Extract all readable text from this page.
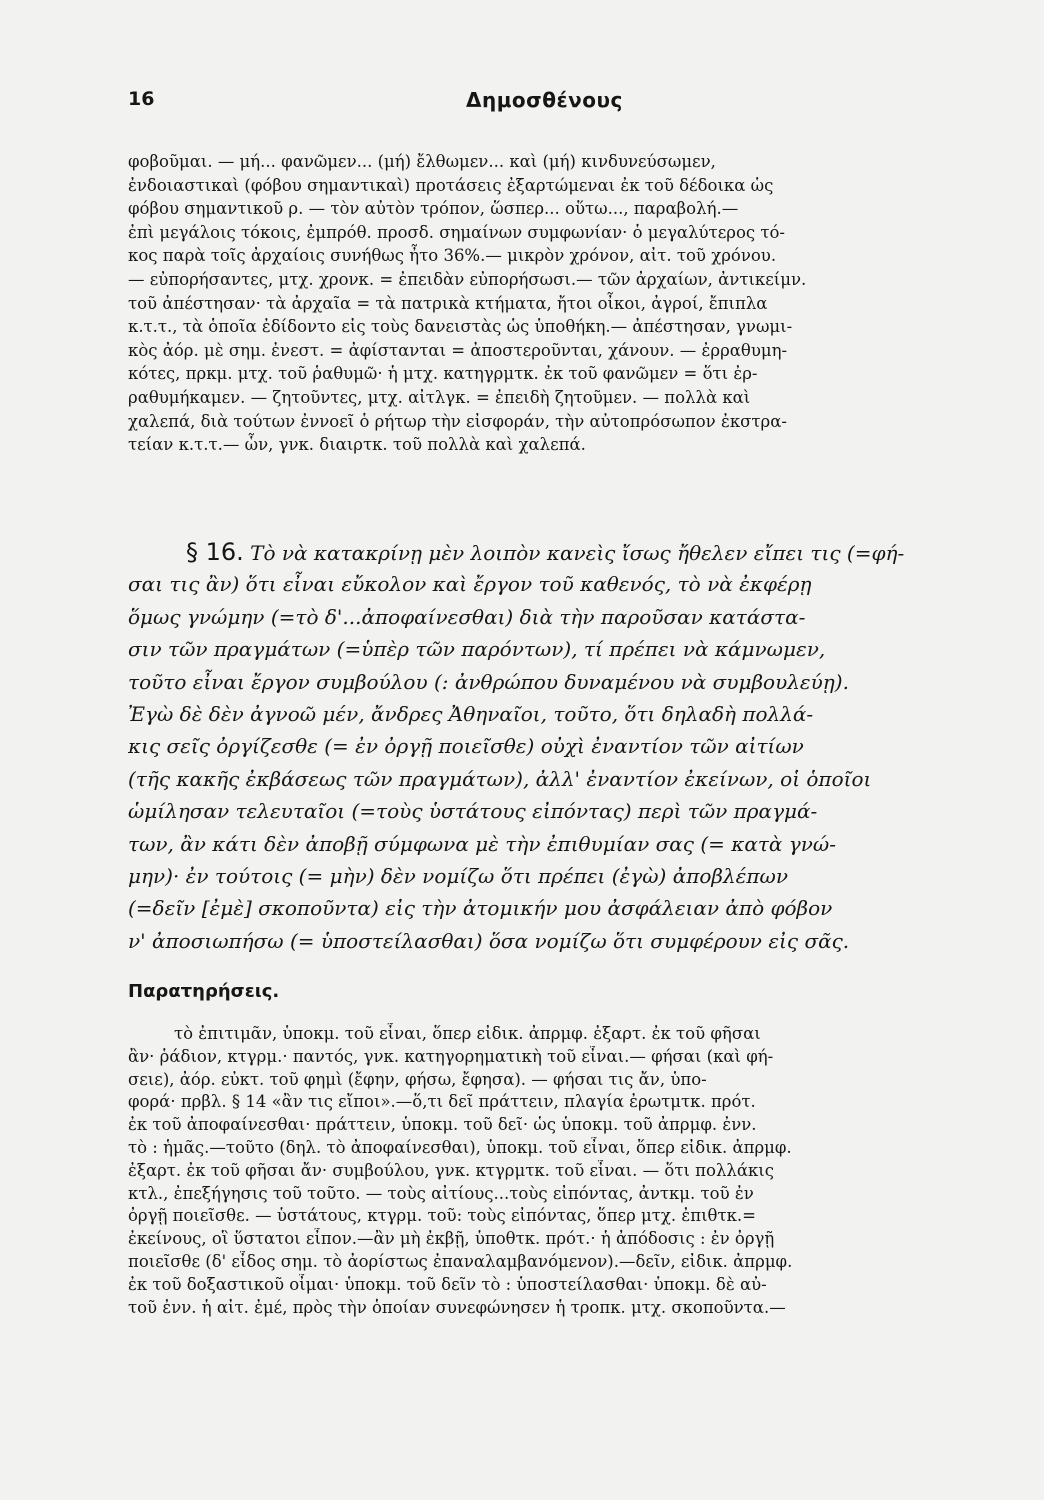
16	Δημοσθένους
φοβοῦμαι. — μή... φανῶμεν... (μή) ἔλθωμεν... καὶ (μή) κινδυνεύσωμεν,
ἐνδοιαστικαὶ (φόβου σημαντικαὶ) προτάσεις ἐξαρτώμεναι ἐκ τοῦ δέδοικα ὡς
φόβου σημαντικοῦ ρ. — τὸν αὐτὸν τρόπον, ὥσπερ... οὕτω..., παραβολή.—
ἐπὶ μεγάλοις τόκοις, ἐμπρόθ. προσδ. σημαίνων συμφωνίαν· ὁ μεγαλύτερος τό-
κος παρὰ τοῖς ἀρχαίοις συνήθως ἦτο 36%.— μικρὸν χρόνον, αἰτ. τοῦ χρόνου.
— εὐπορήσαντες, μτχ. χρονκ. = ἐπειδὰν εὐπορήσωσι.— τῶν ἀρχαίων, ἀντικείμν.
τοῦ ἀπέστησαν· τὰ ἀρχαῖα = τὰ πατρικὰ κτήματα, ἤτοι οἶκοι, ἀγροί, ἔπιπλα
κ.τ.τ., τὰ ὁποῖα ἐδίδοντο εἰς τοὺς δανειστὰς ὡς ὑποθήκη.— ἀπέστησαν, γνωμι-
κὸς ἀόρ. μὲ σημ. ἐνεστ. = ἀφίστανται = ἀποστεροῦνται, χάνουν. — ἐρραθυμη-
κότες, πρκμ. μτχ. τοῦ ῥαθυμῶ· ἡ μτχ. κατηγρμτκ. ἐκ τοῦ φανῶμεν = ὅτι ἐρ-
ραθυμήκαμεν. — ζητοῦντες, μτχ. αἰτλγκ. = ἐπειδὴ ζητοῦμεν. — πολλὰ καὶ
χαλεπά, διὰ τούτων ἐννοεῖ ὁ ρήτωρ τὴν εἰσφοράν, τὴν αὐτοπρόσωπον ἐκστρα-
τείαν κ.τ.τ.— ὧν, γνκ. διαιρτκ. τοῦ πολλὰ καὶ χαλεπά.
§ 16. Τὸ νὰ κατακρίνῃ μὲν λοιπὸν κανεὶς ἴσως ἤθελεν εἴπει τις (=φή-
σαι τις ἂν) ὅτι εἶναι εὔκολον καὶ ἔργον τοῦ καθενός, τὸ νὰ ἐκφέρῃ
ὅμως γνώμην (=τὸ δ'...ἀποφαίνεσθαι) διὰ τὴν παροῦσαν κατάστα-
σιν τῶν πραγμάτων (=ὑπὲρ τῶν παρόντων), τί πρέπει νὰ κάμνωμεν,
τοῦτο εἶναι ἔργον συμβούλου (: ἀνθρώπου δυναμένου νὰ συμβουλεύῃ).
Ἐγὼ δὲ δὲν ἀγνοῶ μέν, ἄνδρες Ἀθηναῖοι, τοῦτο, ὅτι δηλαδὴ πολλά-
κις σεῖς ὀργίζεσθε (= ἐν ὀργῇ ποιεῖσθε) οὐχὶ ἐναντίον τῶν αἰτίων
(τῆς κακῆς ἐκβάσεως τῶν πραγμάτων), ἀλλ' ἐναντίον ἐκείνων, οἱ ὁποῖοι
ὡμίλησαν τελευταῖοι (=τοὺς ὑστάτους εἰπόντας) περὶ τῶν πραγμά-
των, ἂν κάτι δὲν ἀποβῇ σύμφωνα μὲ τὴν ἐπιθυμίαν σας (= κατὰ γνώ-
μην)· ἐν τούτοις (= μὴν) δὲν νομίζω ὅτι πρέπει (ἐγὼ) ἀποβλέπων
(=δεῖν [ἐμὲ] σκοποῦντα) εἰς τὴν ἀτομικήν μου ἀσφάλειαν ἀπὸ φόβον
ν' ἀποσιωπήσω (= ὑποστείλασθαι) ὅσα νομίζω ὅτι συμφέρουν εἰς σᾶς.
Παρατηρήσεις.
τὸ ἐπιτιμᾶν, ὑποκμ. τοῦ εἶναι, ὅπερ εἰδικ. ἀπρμφ. ἐξαρτ. ἐκ τοῦ φῆσαι
ἂν· ῥάδιον, κτγρμ.· παντός, γνκ. κατηγορηματικὴ τοῦ εἶναι.— φήσαι (καὶ φή-
σειε), ἀόρ. εὐκτ. τοῦ φημὶ (ἔφην, φήσω, ἔφησα). — φήσαι τις ἄν, ὑπο-
φορά· πρβλ. § 14 «ἂν τις εἴποι».—ὅ,τι δεῖ πράττειν, πλαγία ἐρωτμτκ. πρότ.
ἐκ τοῦ ἀποφαίνεσθαι· πράττειν, ὑποκμ. τοῦ δεῖ· ὡς ὑποκμ. τοῦ ἀπρμφ. ἐνν.
τὸ : ἡμᾶς.—τοῦτο (δηλ. τὸ ἀποφαίνεσθαι), ὑποκμ. τοῦ εἶναι, ὅπερ εἰδικ. ἀπρμφ.
ἐξαρτ. ἐκ τοῦ φῆσαι ἄν· συμβούλου, γνκ. κτγρμτκ. τοῦ εἶναι. — ὅτι πολλάκις
κτλ., ἐπεξήγησις τοῦ τοῦτο. — τοὺς αἰτίους...τοὺς εἰπόντας, ἀντκμ. τοῦ ἐν
ὀργῇ ποιεῖσθε. — ὑστάτους, κτγρμ. τοῦ: τοὺς εἰπόντας, ὅπερ μτχ. ἐπιθτκ.=
ἐκείνους, οἳ ὕστατοι εἶπον.—ἂν μὴ ἐκβῇ, ὑποθτκ. πρότ.· ἡ ἀπόδοσις : ἐν ὀργῇ
ποιεῖσθε (δ' εἶδος σημ. τὸ ἀορίστως ἐπαναλαμβανόμενον).—δεῖν, εἰδικ. ἀπρμφ.
ἐκ τοῦ δοξαστικοῦ οἶμαι· ὑποκμ. τοῦ δεῖν τὸ : ὑποστείλασθαι· ὑποκμ. δὲ αὐ-
τοῦ ἐνν. ἡ αἰτ. ἐμέ, πρὸς τὴν ὁποίαν συνεφώνησεν ἡ τροπκ. μτχ. σκοποῦντα.—
